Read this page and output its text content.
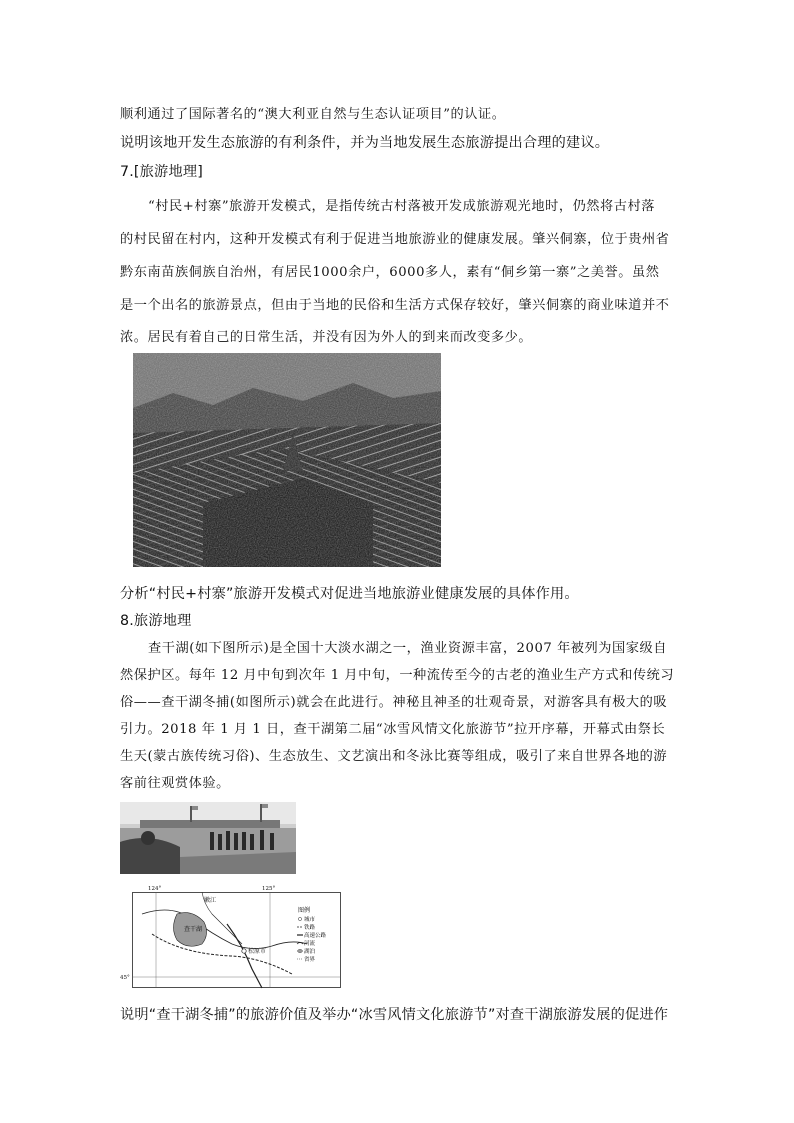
顺利通过了国际著名的“澳大利亚自然与生态认证项目”的认证。
说明该地开发生态旅游的有利条件，并为当地发展生态旅游提出合理的建议。
7.[旅游地理]
“村民+村寨”旅游开发模式，是指传统古村落被开发成旅游观光地时，仍然将古村落
的村民留在村内，这种开发模式有利于促进当地旅游业的健康发展。肇兴侗寨，位于贵州省
黔东南苗族侗族自治州，有居民1000余户，6000多人，素有“侗乡第一寨”之美誉。虽然
是一个出名的旅游景点，但由于当地的民俗和生活方式保存较好，肇兴侗寨的商业味道并不
浓。居民有着自己的日常生活，并没有因为外人的到来而改变多少。
分析“村民+村寨”旅游开发模式对促进当地旅游业健康发展的具体作用。
8.旅游地理
查干湖(如下图所示)是全国十大淡水湖之一，渔业资源丰富，2007 年被列为国家级自
然保护区。每年 12 月中旬到次年 1 月中旬，一种流传至今的古老的渔业生产方式和传统习
俗——查干湖冬捕(如图所示)就会在此进行。神秘且神圣的壮观奇景，对游客具有极大的吸
引力。2018 年 1 月 1 日，查干湖第二届“冰雪风情文化旅游节”拉开序幕，开幕式由祭长
生天(蒙古族传统习俗)、生态放生、文艺演出和冬泳比赛等组成，吸引了来自世界各地的游
客前往观赏体验。
松原市
查干湖
嫩江
124°	125°
45°
图例
城市
铁路
高速公路
河流
湖泊
省界
说明“查干湖冬捕”的旅游价值及举办“冰雪风情文化旅游节”对查干湖旅游发展的促进作
